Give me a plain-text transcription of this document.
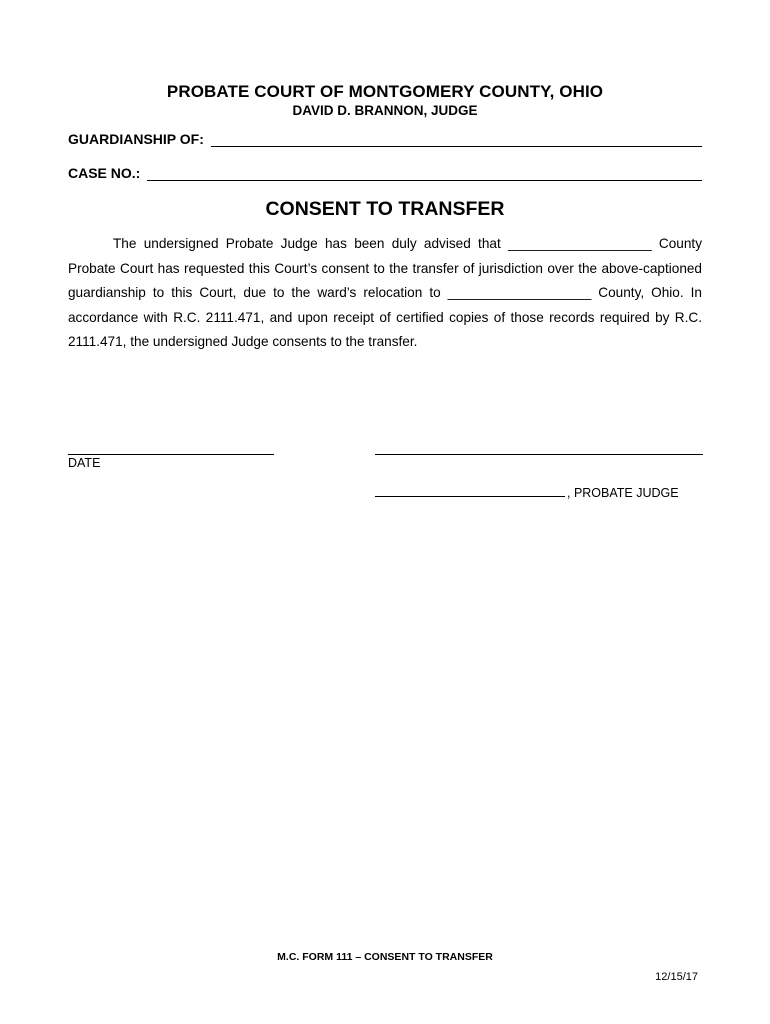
PROBATE COURT OF MONTGOMERY COUNTY, OHIO
DAVID D. BRANNON, JUDGE
GUARDIANSHIP OF:
CASE NO.:
CONSENT TO TRANSFER
The undersigned Probate Judge has been duly advised that ___________________ County Probate Court has requested this Court’s consent to the transfer of jurisdiction over the above-captioned guardianship to this Court, due to the ward’s relocation to ___________________ County, Ohio. In accordance with R.C. 2111.471, and upon receipt of certified copies of those records required by R.C. 2111.471, the undersigned Judge consents to the transfer.
DATE
, PROBATE JUDGE
M.C. FORM 111 – CONSENT TO TRANSFER
12/15/17
